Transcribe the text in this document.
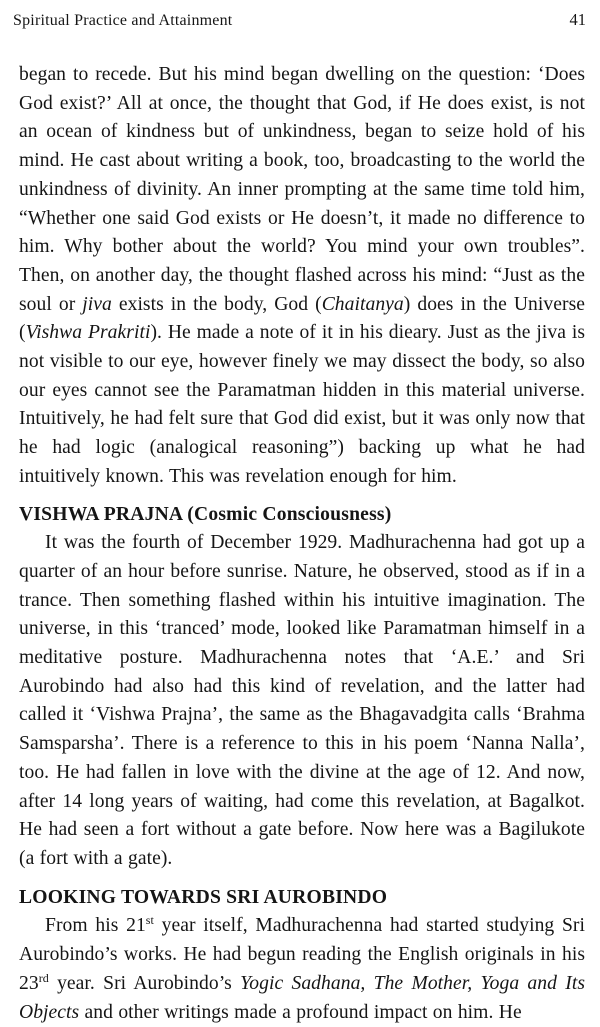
Spiritual Practice and Attainment	41

began to recede. But his mind began dwelling on the question: ‘Does God exist?’ All at once, the thought that God, if He does exist, is not an ocean of kindness but of unkindness, began to seize hold of his mind. He cast about writing a book, too, broadcasting to the world the unkindness of divinity. An inner prompting at the same time told him, “Whether one said God exists or He doesn’t, it made no difference to him. Why bother about the world? You mind your own troubles”. Then, on another day, the thought flashed across his mind: “Just as the soul or jiva exists in the body, God (Chaitanya) does in the Universe (Vishwa Prakriti). He made a note of it in his dieary. Just as the jiva is not visible to our eye, however finely we may dissect the body, so also our eyes cannot see the Paramatman hidden in this material universe. Intuitively, he had felt sure that God did exist, but it was only now that he had logic (analogical reasoning”) backing up what he had intuitively known. This was revelation enough for him.

VISHWA PRAJNA (Cosmic Consciousness)

It was the fourth of December 1929. Madhurachenna had got up a quarter of an hour before sunrise. Nature, he observed, stood as if in a trance. Then something flashed within his intuitive imagination. The universe, in this ‘tranced’ mode, looked like Paramatman himself in a meditative posture. Madhurachenna notes that ‘A.E.’ and Sri Aurobindo had also had this kind of revelation, and the latter had called it ‘Vishwa Prajna’, the same as the Bhagavadgita calls ‘Brahma Samsparsha’. There is a reference to this in his poem ‘Nanna Nalla’, too. He had fallen in love with the divine at the age of 12. And now, after 14 long years of waiting, had come this revelation, at Bagalkot. He had seen a fort without a gate before. Now here was a Bagilukote (a fort with a gate).

LOOKING TOWARDS SRI AUROBINDO

From his 21st year itself, Madhurachenna had started studying Sri Aurobindo’s works. He had begun reading the English originals in his 23rd year. Sri Aurobindo’s Yogic Sadhana, The Mother, Yoga and Its Objects and other writings made a profound impact on him. He
